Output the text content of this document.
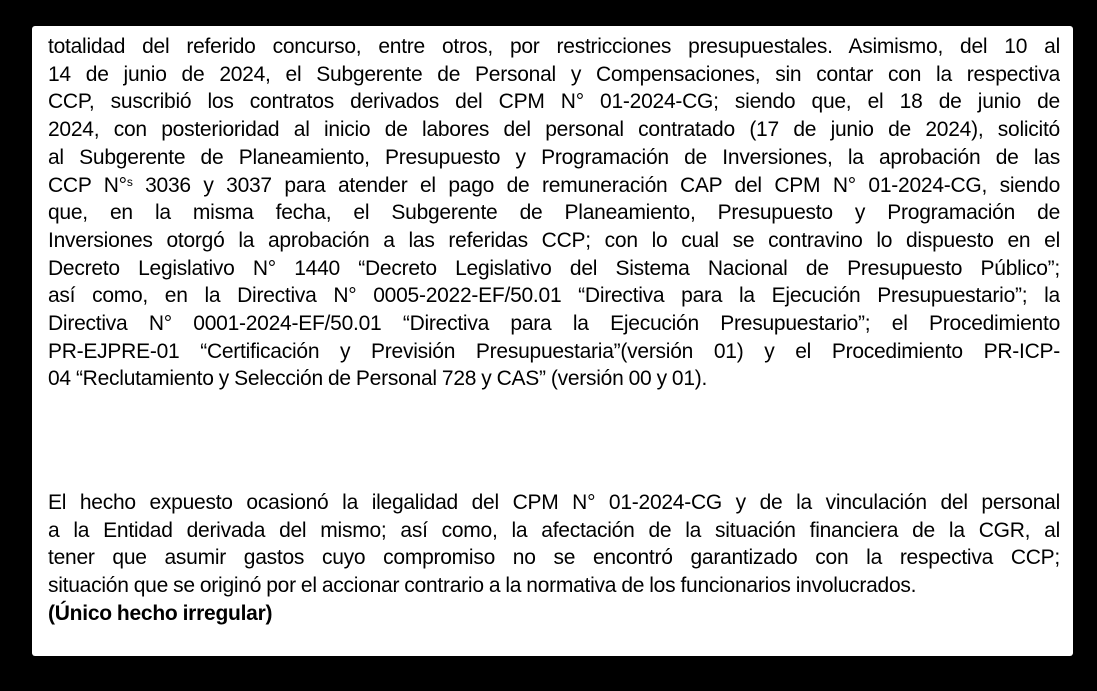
totalidad del referido concurso, entre otros, por restricciones presupuestales. Asimismo, del 10 al
14 de junio de 2024, el Subgerente de Personal y Compensaciones, sin contar con la respectiva
CCP, suscribió los contratos derivados del CPM N° 01-2024-CG; siendo que, el 18 de junio de
2024, con posterioridad al inicio de labores del personal contratado (17 de junio de 2024), solicitó
al Subgerente de Planeamiento, Presupuesto y Programación de Inversiones, la aprobación de las
CCP N°$^s$ 3036 y 3037 para atender el pago de remuneración CAP del CPM N° 01-2024-CG, siendo
que, en la misma fecha, el Subgerente de Planeamiento, Presupuesto y Programación de
Inversiones otorgó la aprobación a las referidas CCP; con lo cual se contravino lo dispuesto en el
Decreto Legislativo N° 1440 “Decreto Legislativo del Sistema Nacional de Presupuesto Público”;
así como, en la Directiva N° 0005-2022-EF/50.01 “Directiva para la Ejecución Presupuestario”; la
Directiva N° 0001-2024-EF/50.01 “Directiva para la Ejecución Presupuestario”; el Procedimiento
PR-EJPRE-01 “Certificación y Previsión Presupuestaria”(versión 01) y el Procedimiento PR-ICP-
04 “Reclutamiento y Selección de Personal 728 y CAS” (versión 00 y 01).
El hecho expuesto ocasionó la ilegalidad del CPM N° 01-2024-CG y de la vinculación del personal
a la Entidad derivada del mismo; así como, la afectación de la situación financiera de la CGR, al
tener que asumir gastos cuyo compromiso no se encontró garantizado con la respectiva CCP;
situación que se originó por el accionar contrario a la normativa de los funcionarios involucrados.
(Único hecho irregular)
